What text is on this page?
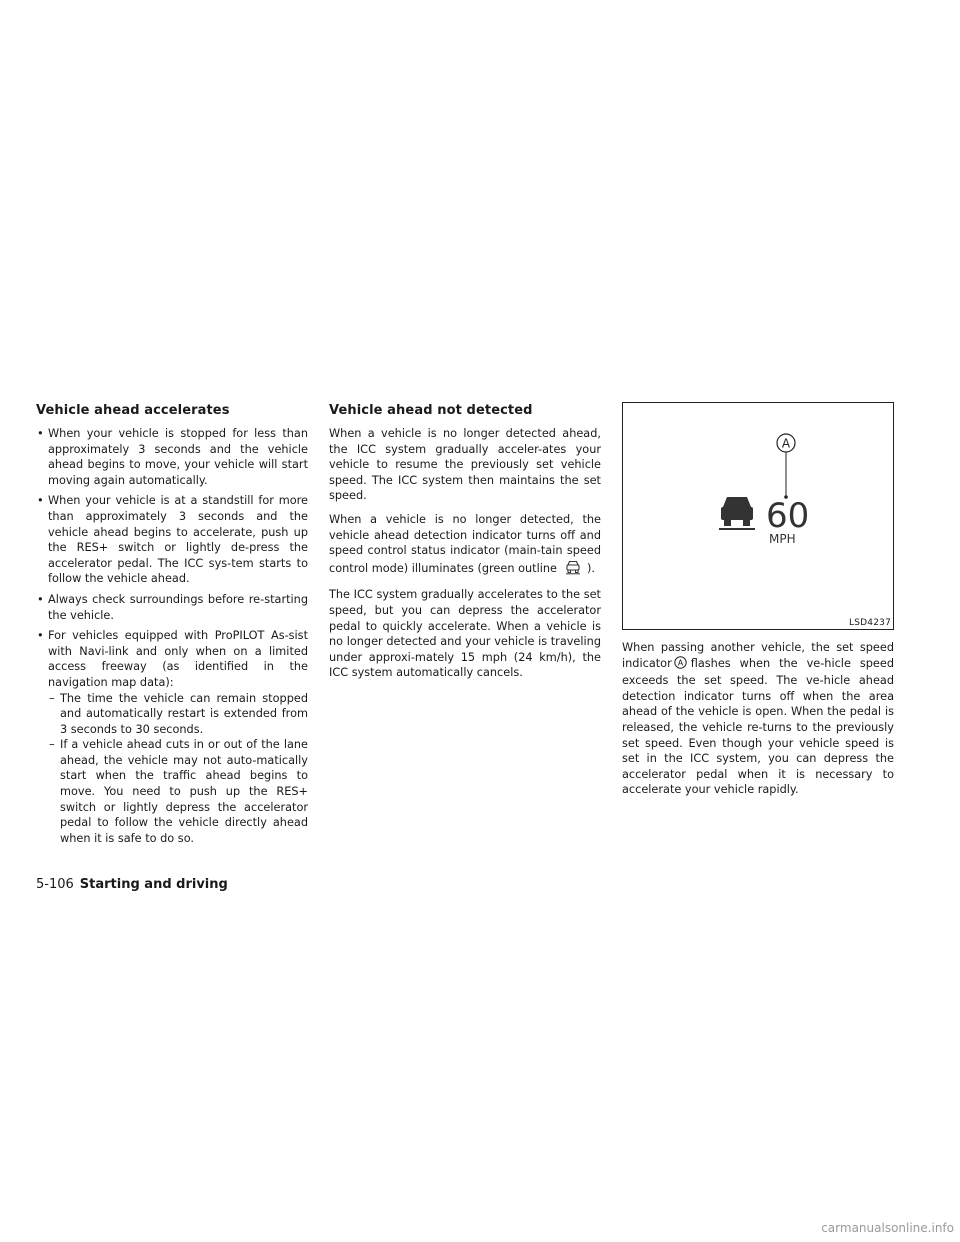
Vehicle ahead accelerates
• When your vehicle is stopped for less than approximately 3 seconds and the vehicle ahead begins to move, your vehicle will start moving again automatically.
• When your vehicle is at a standstill for more than approximately 3 seconds and the vehicle ahead begins to accelerate, push up the RES+ switch or lightly de-press the accelerator pedal. The ICC sys-tem starts to follow the vehicle ahead.
• Always check surroundings before re-starting the vehicle.
• For vehicles equipped with ProPILOT As-sist with Navi-link and only when on a limited access freeway (as identified in the navigation map data):
– The time the vehicle can remain stopped and automatically restart is extended from 3 seconds to 30 seconds.
– If a vehicle ahead cuts in or out of the lane ahead, the vehicle may not auto-matically start when the traffic ahead begins to move. You need to push up the RES+ switch or lightly depress the accelerator pedal to follow the vehicle directly ahead when it is safe to do so.
Vehicle ahead not detected

When a vehicle is no longer detected ahead, the ICC system gradually acceler-ates your vehicle to resume the previously set vehicle speed. The ICC system then maintains the set speed.

When a vehicle is no longer detected, the vehicle ahead detection indicator turns off and speed control status indicator (main-tain speed control mode) illuminates (green outline	).

The ICC system gradually accelerates to the set speed, but you can depress the accelerator pedal to quickly accelerate. When a vehicle is no longer detected and your vehicle is traveling under approxi-mately 15 mph (24 km/h), the ICC system automatically cancels.

A
60
MPH
LSD4237

When passing another vehicle, the set speed indicator A flashes when the ve-hicle speed exceeds the set speed. The ve-hicle ahead detection indicator turns off when the area ahead of the vehicle is open. When the pedal is released, the vehicle re-turns to the previously set speed. Even though your vehicle speed is set in the ICC system, you can depress the accelerator pedal when it is necessary to accelerate your vehicle rapidly.

5-106 Starting and driving
carmanualsonline.info
